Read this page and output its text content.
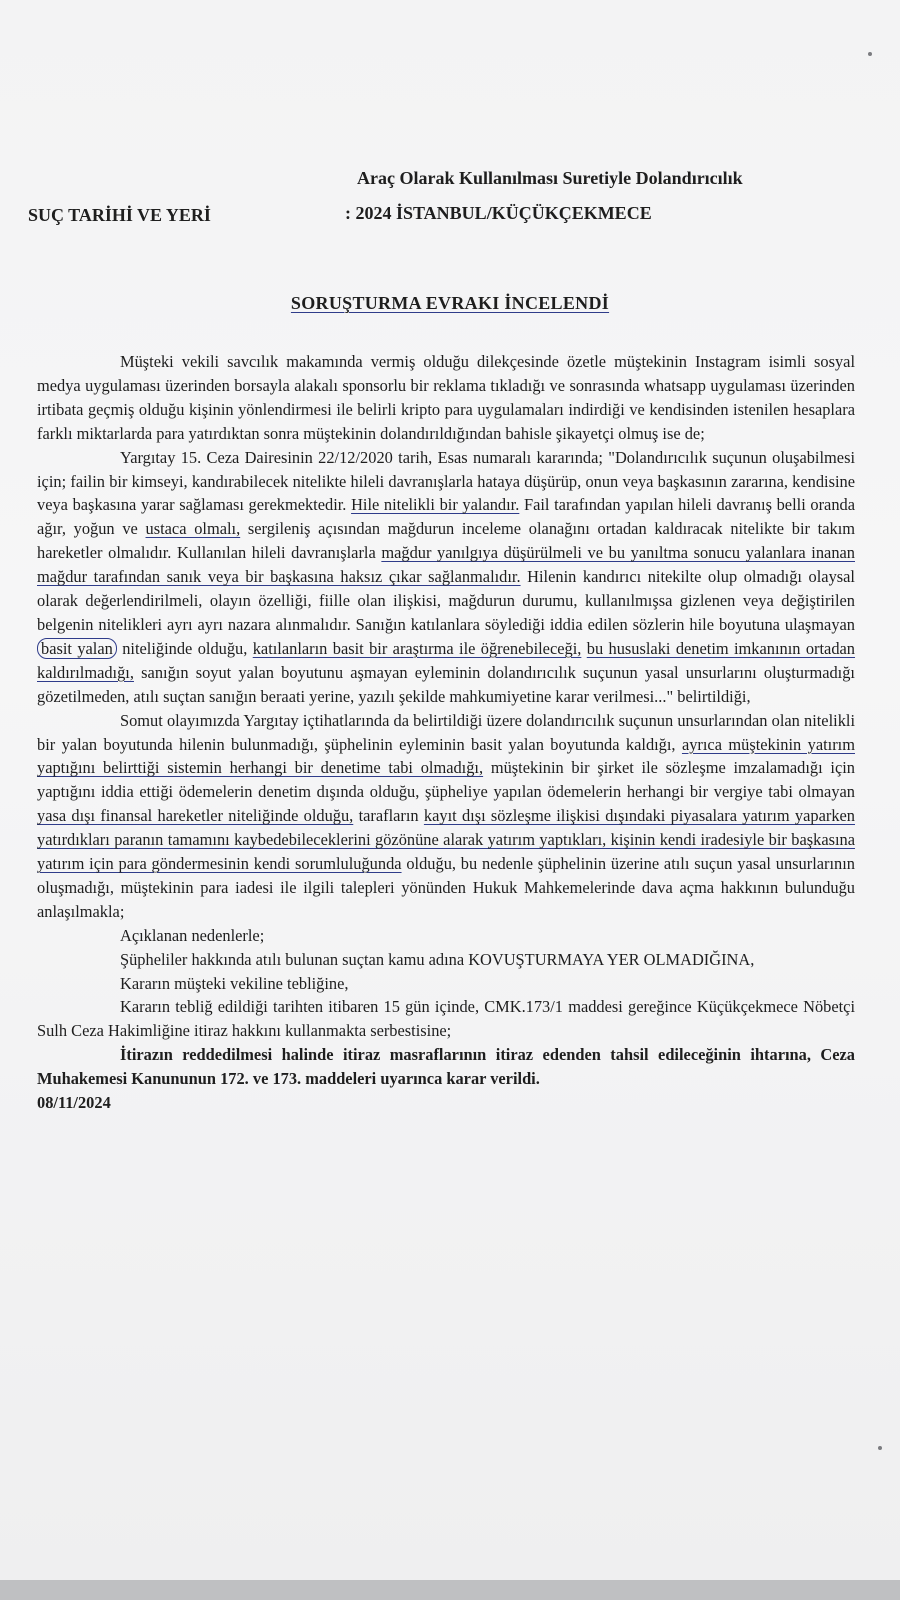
Araç Olarak Kullanılması Suretiyle Dolandırıcılık
SUÇ TARİHİ VE YERİ	: 2024 İSTANBUL/KÜÇÜKÇEKMECE
SORUŞTURMA EVRAKI İNCELENDİ

Müşteki vekili savcılık makamında vermiş olduğu dilekçesinde özetle müştekinin Instagram isimli sosyal medya uygulaması üzerinden borsayla alakalı sponsorlu bir reklama tıkladığı ve sonrasında whatsapp uygulaması üzerinden irtibata geçmiş olduğu kişinin yönlendirmesi ile belirli kripto para uygulamaları indirdiği ve kendisinden istenilen hesaplara farklı miktarlarda para yatırdıktan sonra müştekinin dolandırıldığından bahisle şikayetçi olmuş ise de;

Yargıtay 15. Ceza Dairesinin 22/12/2020 tarih, Esas numaralı kararında; "Dolandırıcılık suçunun oluşabilmesi için; failin bir kimseyi, kandırabilecek nitelikte hileli davranışlarla hataya düşürüp, onun veya başkasının zararına, kendisine veya başkasına yarar sağlaması gerekmektedir. Hile nitelikli bir yalandır. Fail tarafından yapılan hileli davranış belli oranda ağır, yoğun ve ustaca olmalı, sergileniş açısından mağdurun inceleme olanağını ortadan kaldıracak nitelikte bir takım hareketler olmalıdır. Kullanılan hileli davranışlarla mağdur yanılgıya düşürülmeli ve bu yanıltma sonucu yalanlara inanan mağdur tarafından sanık veya bir başkasına haksız çıkar sağlanmalıdır. Hilenin kandırıcı nitekilte olup olmadığı olaysal olarak değerlendirilmeli, olayın özelliği, fiille olan ilişkisi, mağdurun durumu, kullanılmışsa gizlenen veya değiştirilen belgenin nitelikleri ayrı ayrı nazara alınmalıdır. Sanığın katılanlara söylediği iddia edilen sözlerin hile boyutuna ulaşmayan basit yalan niteliğinde olduğu, katılanların basit bir araştırma ile öğrenebileceği, bu hususlaki denetim imkanının ortadan kaldırılmadığı, sanığın soyut yalan boyutunu aşmayan eyleminin dolandırıcılık suçunun yasal unsurlarını oluşturmadığı gözetilmeden, atılı suçtan sanığın beraati yerine, yazılı şekilde mahkumiyetine karar verilmesi..." belirtildiği,

Somut olayımızda Yargıtay içtihatlarında da belirtildiği üzere dolandırıcılık suçunun unsurlarından olan nitelikli bir yalan boyutunda hilenin bulunmadığı, şüphelinin eyleminin basit yalan boyutunda kaldığı, ayrıca müştekinin yatırım yaptığını belirttiği sistemin herhangi bir denetime tabi olmadığı, müştekinin bir şirket ile sözleşme imzalamadığı için yaptığını iddia ettiği ödemelerin denetim dışında olduğu, şüpheliye yapılan ödemelerin herhangi bir vergiye tabi olmayan yasa dışı finansal hareketler niteliğinde olduğu, tarafların kayıt dışı sözleşme ilişkisi dışındaki piyasalara yatırım yaparken yatırdıkları paranın tamamını kaybedebileceklerini gözönüne alarak yatırım yaptıkları, kişinin kendi iradesiyle bir başkasına yatırım için para göndermesinin kendi sorumluluğunda olduğu, bu nedenle şüphelinin üzerine atılı suçun yasal unsurlarının oluşmadığı, müştekinin para iadesi ile ilgili talepleri yönünden Hukuk Mahkemelerinde dava açma hakkının bulunduğu anlaşılmakla;

Açıklanan nedenlerle;

Şüpheliler hakkında atılı bulunan suçtan kamu adına KOVUŞTURMAYA YER OLMADIĞINA,

Kararın müşteki vekiline tebliğine,

Kararın tebliğ edildiği tarihten itibaren 15 gün içinde, CMK.173/1 maddesi gereğince Küçükçekmece Nöbetçi Sulh Ceza Hakimliğine itiraz hakkını kullanmakta serbestisine;

İtirazın reddedilmesi halinde itiraz masraflarının itiraz edenden tahsil edileceğinin ihtarına, Ceza Muhakemesi Kanununun 172. ve 173. maddeleri uyarınca karar verildi.

08/11/2024
